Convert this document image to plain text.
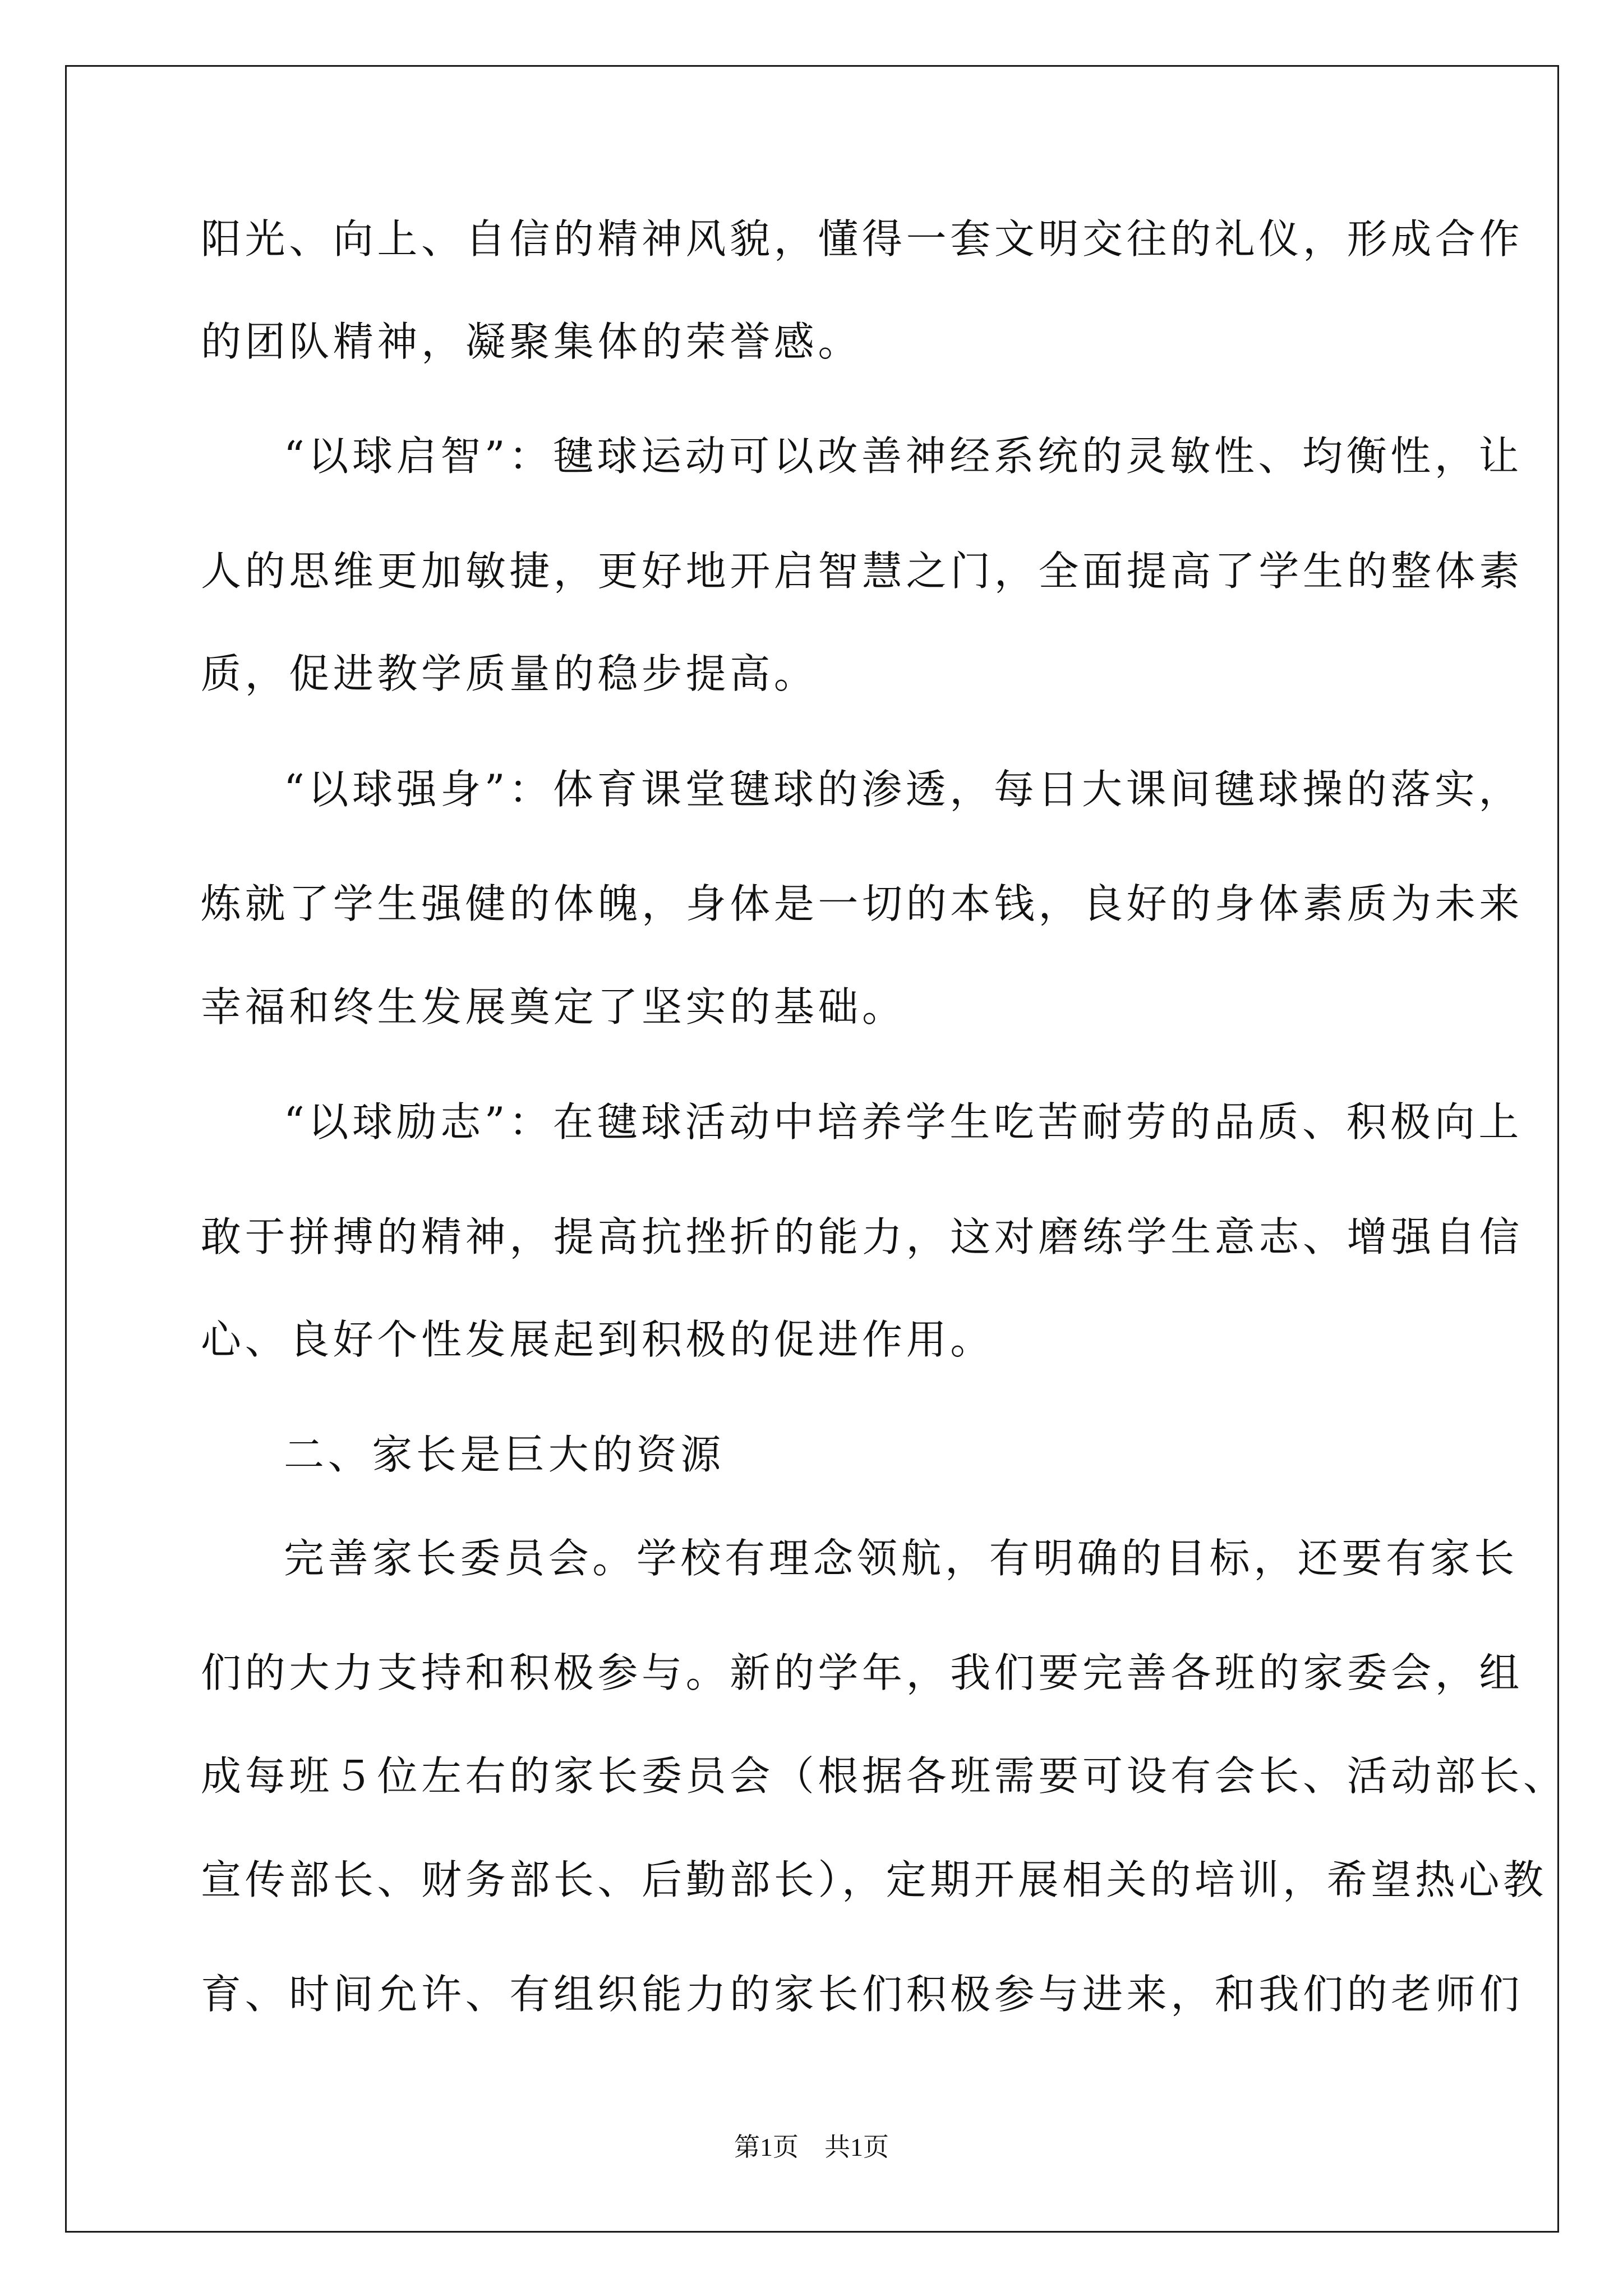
阳光、向上、自信的精神风貌，懂得一套文明交往的礼仪，形成合作
的团队精神，凝聚集体的荣誉感。
“以球启智”：毽球运动可以改善神经系统的灵敏性、均衡性，让
人的思维更加敏捷，更好地开启智慧之门，全面提高了学生的整体素
质，促进教学质量的稳步提高。
“以球强身”：体育课堂毽球的渗透，每日大课间毽球操的落实，
炼就了学生强健的体魄，身体是一切的本钱，良好的身体素质为未来
幸福和终生发展奠定了坚实的基础。
“以球励志”：在毽球活动中培养学生吃苦耐劳的品质、积极向上
敢于拼搏的精神，提高抗挫折的能力，这对磨练学生意志、增强自信
心、良好个性发展起到积极的促进作用。
二、家长是巨大的资源
完善家长委员会。学校有理念领航，有明确的目标，还要有家长
们的大力支持和积极参与。新的学年，我们要完善各班的家委会，组
成每班５位左右的家长委员会（根据各班需要可设有会长、活动部长、
宣传部长、财务部长、后勤部长），定期开展相关的培训，希望热心教
育、时间允许、有组织能力的家长们积极参与进来，和我们的老师们
第1页　共1页
